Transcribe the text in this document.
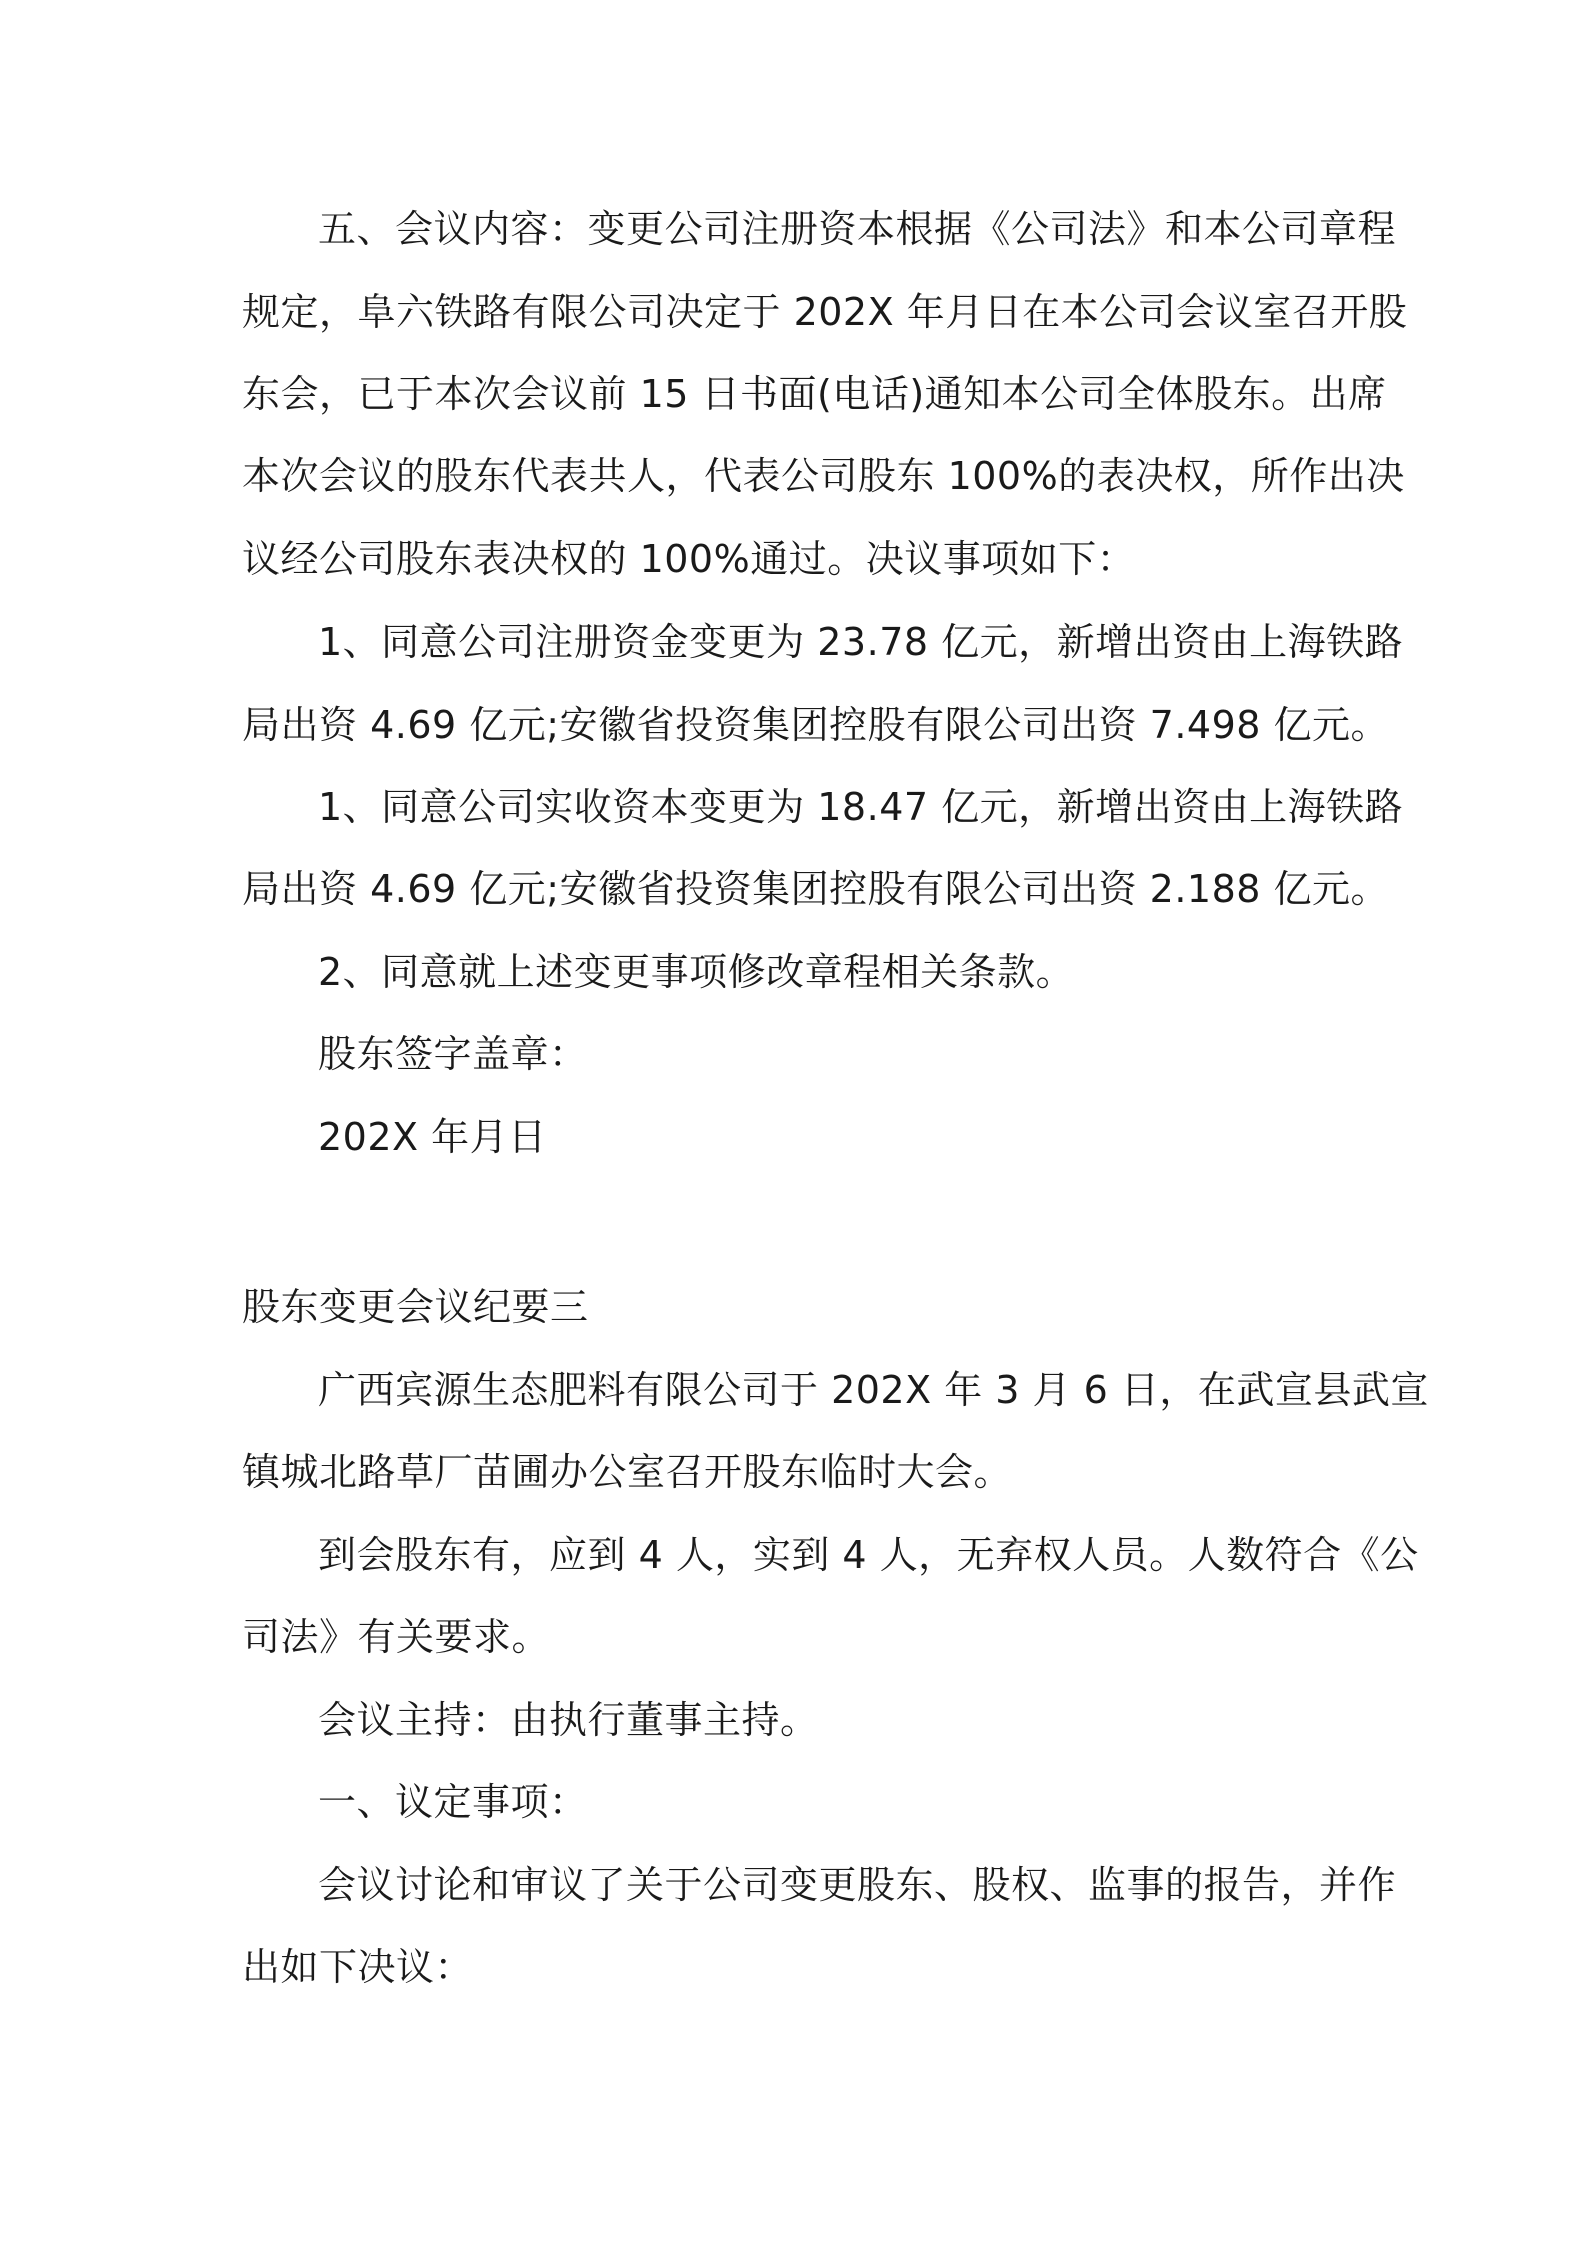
五、会议内容：变更公司注册资本根据《公司法》和本公司章程
规定，阜六铁路有限公司决定于 202X 年月日在本公司会议室召开股
东会，已于本次会议前 15 日书面(电话)通知本公司全体股东。出席
本次会议的股东代表共人，代表公司股东 100%的表决权，所作出决
议经公司股东表决权的 100%通过。决议事项如下：
1、同意公司注册资金变更为 23.78 亿元，新增出资由上海铁路
局出资 4.69 亿元;安徽省投资集团控股有限公司出资 7.498 亿元。
1、同意公司实收资本变更为 18.47 亿元，新增出资由上海铁路
局出资 4.69 亿元;安徽省投资集团控股有限公司出资 2.188 亿元。
2、同意就上述变更事项修改章程相关条款。
股东签字盖章：
202X 年月日
股东变更会议纪要三
广西宾源生态肥料有限公司于 202X 年 3 月 6 日，在武宣县武宣
镇城北路草厂苗圃办公室召开股东临时大会。
到会股东有，应到 4 人，实到 4 人，无弃权人员。人数符合《公
司法》有关要求。
会议主持：由执行董事主持。
一、议定事项：
会议讨论和审议了关于公司变更股东、股权、监事的报告，并作
出如下决议：
